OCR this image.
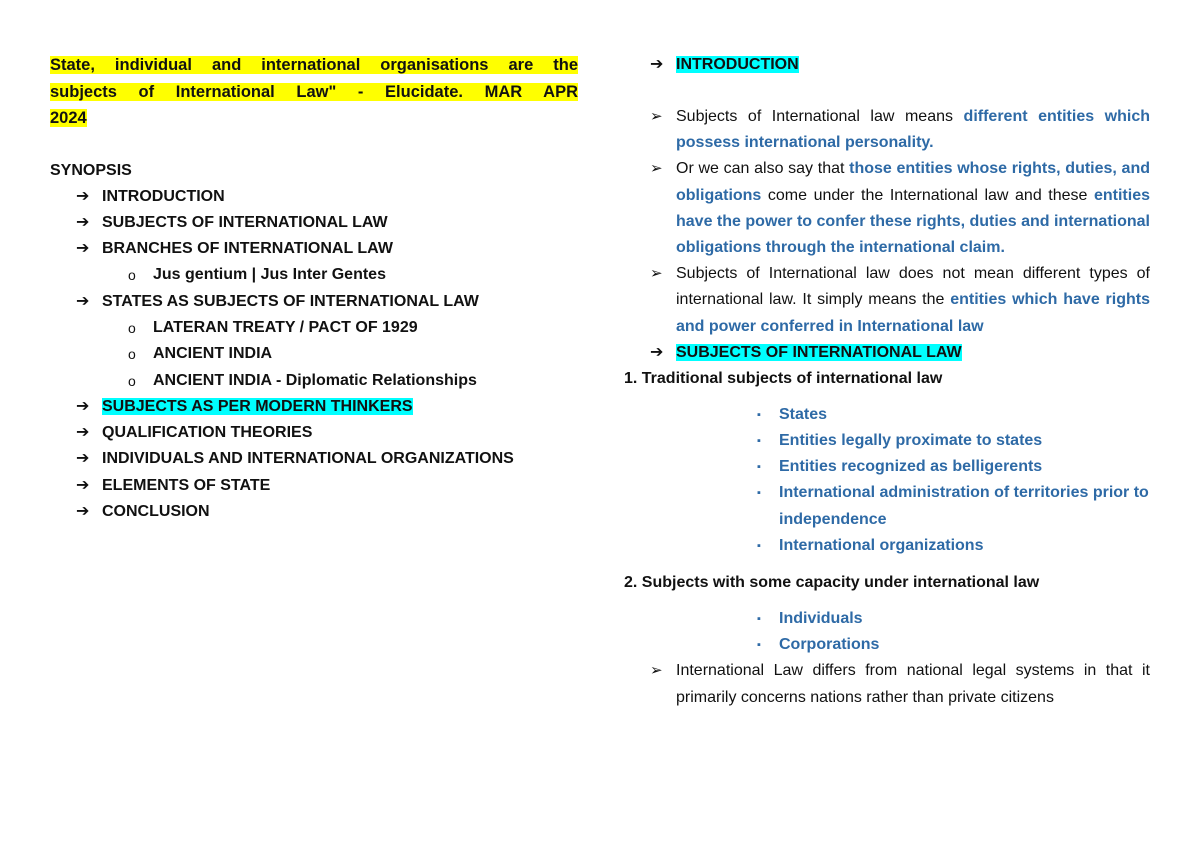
State, individual and international organisations are the

subjects of International Law" - Elucidate. MAR APR

2024

SYNOPSIS
➔ INTRODUCTION
➔ SUBJECTS OF INTERNATIONAL LAW
➔ BRANCHES OF INTERNATIONAL LAW
o Jus gentium | Jus Inter Gentes
➔ STATES AS SUBJECTS OF INTERNATIONAL LAW
o LATERAN TREATY / PACT OF 1929
o ANCIENT INDIA
o ANCIENT INDIA - Diplomatic Relationships
➔ SUBJECTS AS PER MODERN THINKERS
➔ QUALIFICATION THEORIES
➔ INDIVIDUALS AND INTERNATIONAL ORGANIZATIONS
➔ ELEMENTS OF STATE
➔ CONCLUSION
➔ INTRODUCTION

➢ Subjects of International law means different entities which possess international personality.

➢ Or we can also say that those entities whose rights, duties, and obligations come under the International law and these entities have the power to confer these rights, duties and international obligations through the international claim.

➢ Subjects of International law does not mean different types of international law. It simply means the entities which have rights and power conferred in International law

➔ SUBJECTS OF INTERNATIONAL LAW

1. Traditional subjects of international law

▪ States
▪ Entities legally proximate to states
▪ Entities recognized as belligerents
▪ International administration of territories prior to independence
▪ International organizations

2. Subjects with some capacity under international law

▪ Individuals
▪ Corporations

➢ International Law differs from national legal systems in that it primarily concerns nations rather than private citizens
